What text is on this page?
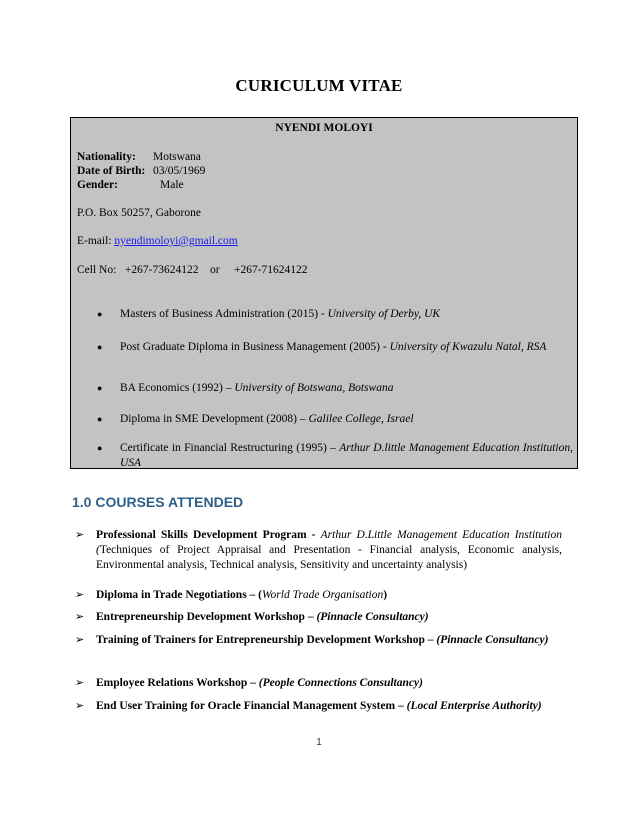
CURICULUM VITAE
NYENDI MOLOYI
Nationality: Motswana
Date of Birth: 03/05/1969
Gender:	Male
P.O. Box 50257, Gaborone
E-mail: nyendimoloyi@gmail.com
Cell No: +267-73624122 or +267-71624122
●	Masters of Business Administration (2015) - University of Derby, UK
●	Post Graduate Diploma in Business Management (2005) - University of Kwazulu Natal, RSA
●	BA Economics (1992) – University of Botswana, Botswana
●	Diploma in SME Development (2008) – Galilee College, Israel
●	Certificate in Financial Restructuring (1995) – Arthur D.little Management Education Institution, USA
1.0 COURSES ATTENDED
➢ Professional Skills Development Program - Arthur D.Little Management Education Institution (Techniques of Project Appraisal and Presentation - Financial analysis, Economic analysis, Environmental analysis, Technical analysis, Sensitivity and uncertainty analysis)
➢ Diploma in Trade Negotiations – (World Trade Organisation)
➢ Entrepreneurship Development Workshop – (Pinnacle Consultancy)
➢ Training of Trainers for Entrepreneurship Development Workshop – (Pinnacle Consultancy)
➢ Employee Relations Workshop – (People Connections Consultancy)
➢ End User Training for Oracle Financial Management System – (Local Enterprise Authority)
1
